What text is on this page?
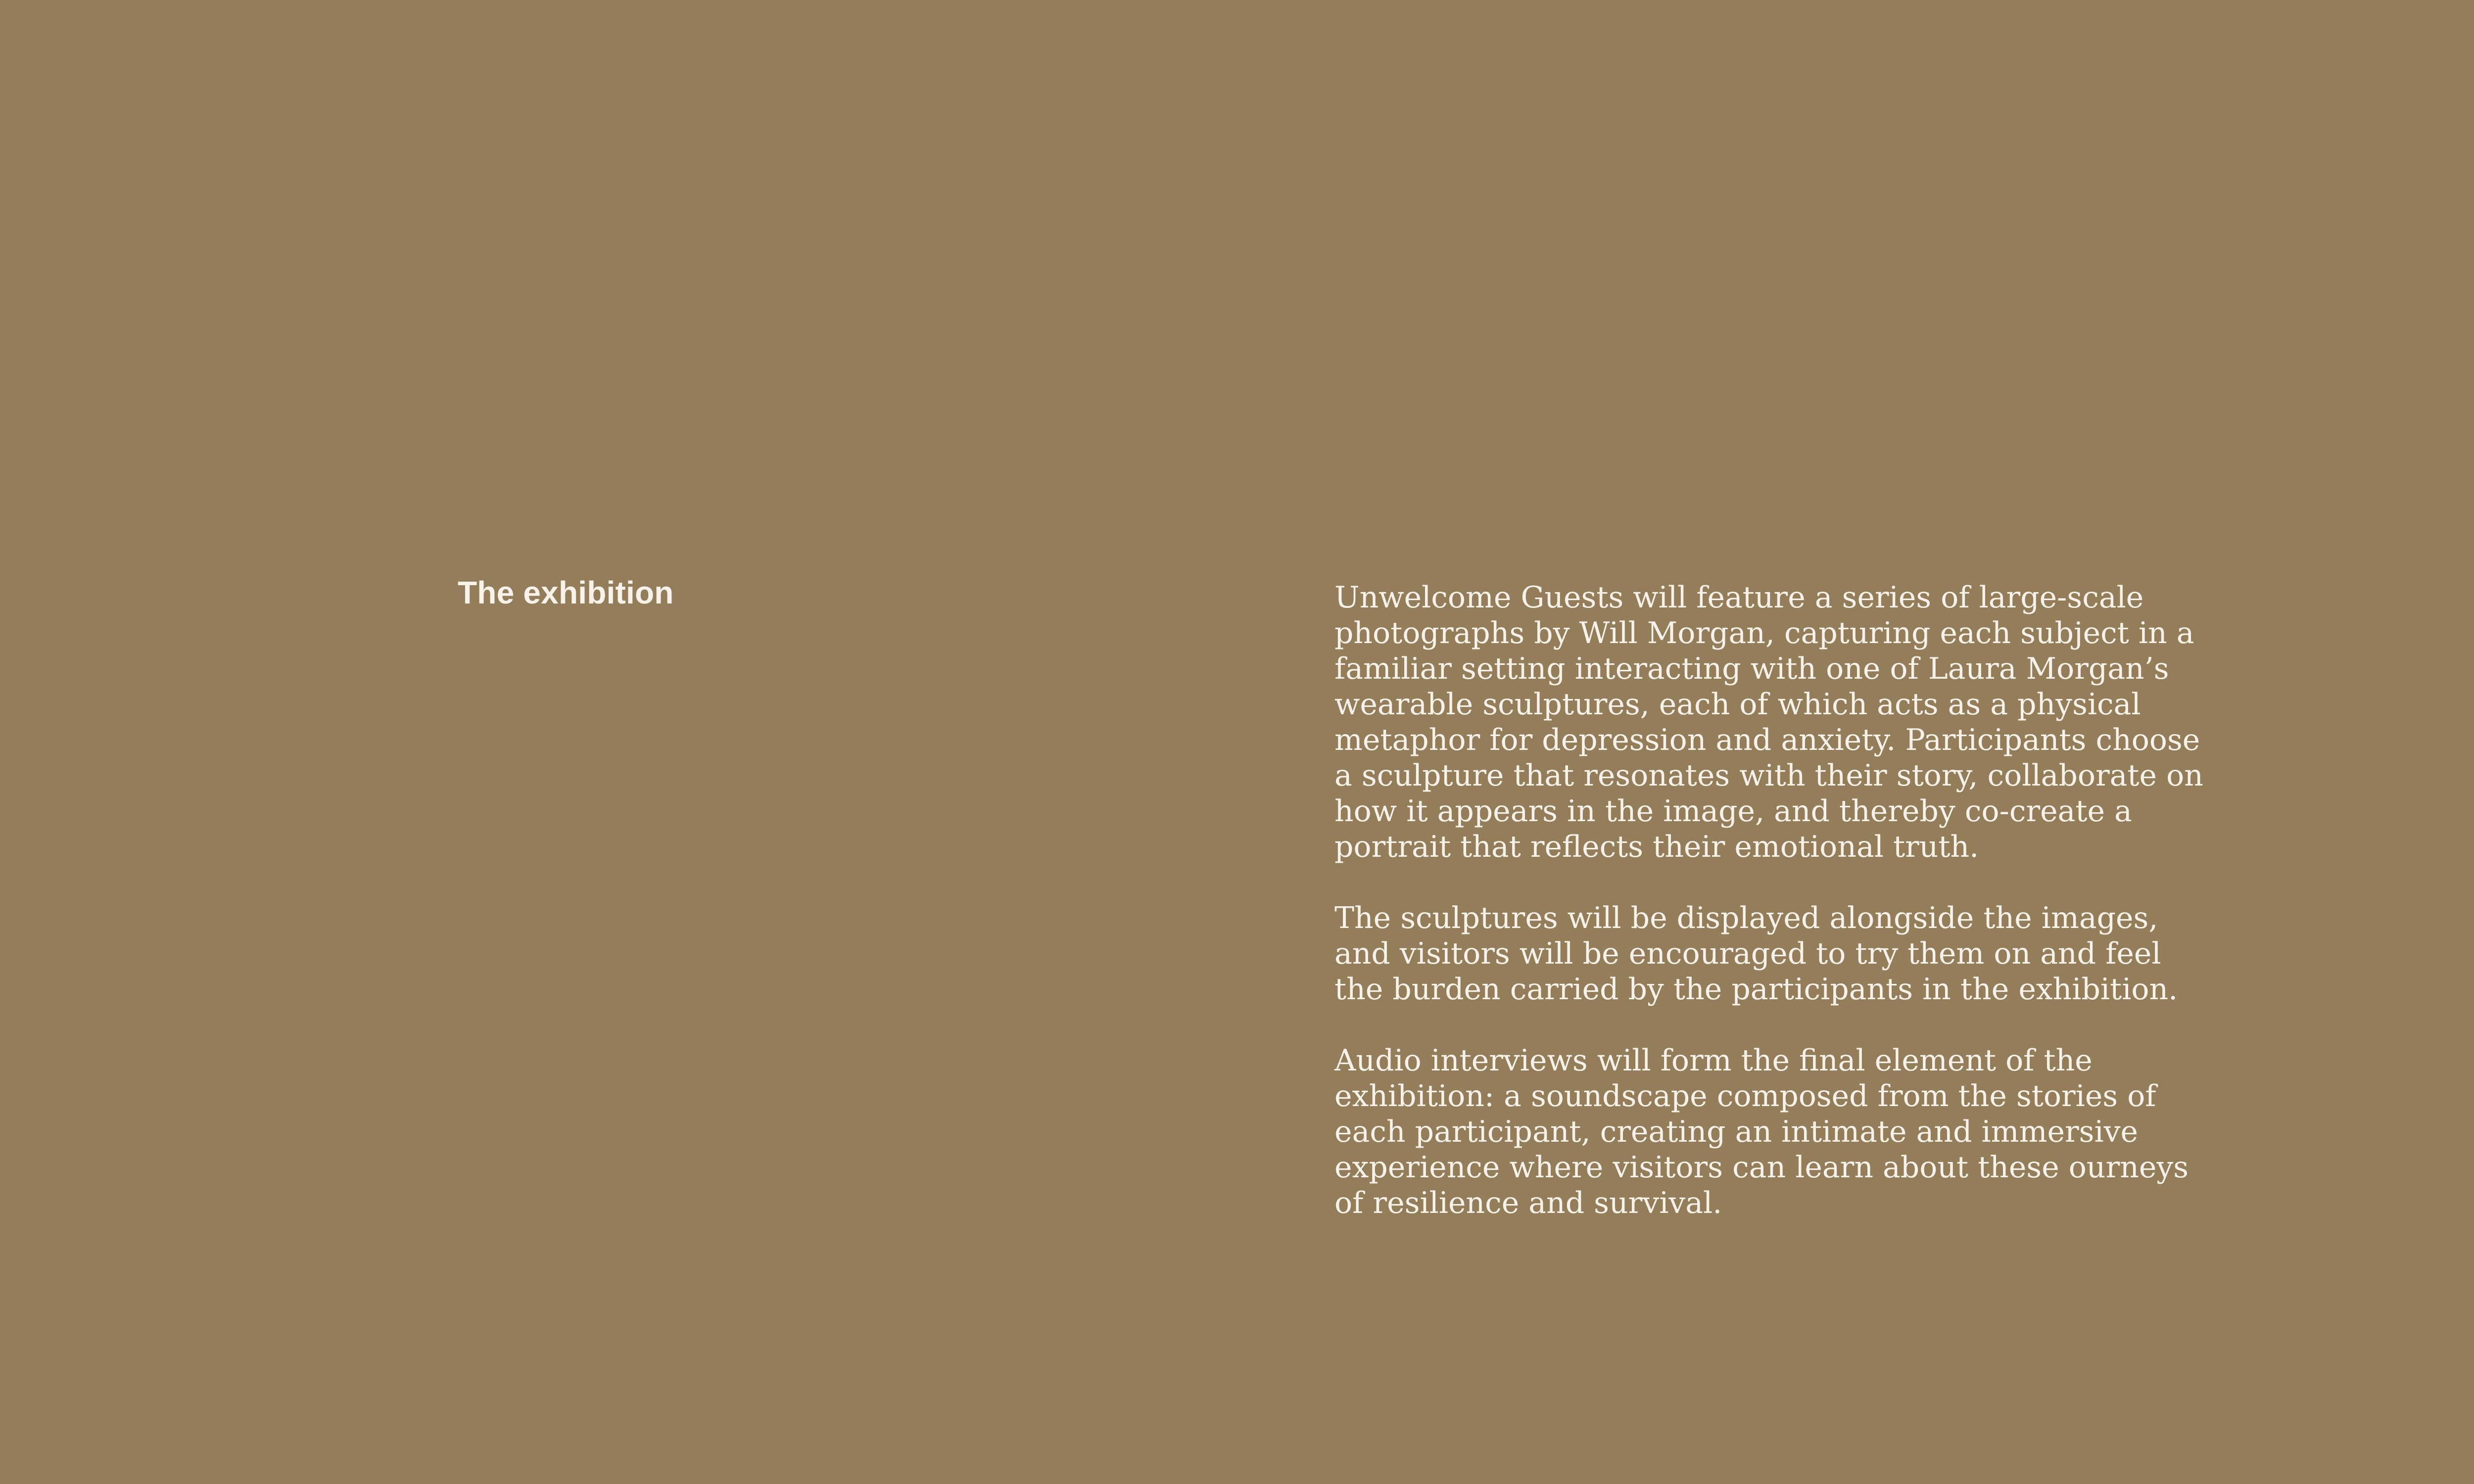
The exhibition	Unwelcome Guests will feature a series of large-scale photographs by Will Morgan, capturing each subject in a familiar setting interacting with one of Laura Morgan’s wearable sculptures, each of which acts as a physical metaphor for depression and anxiety. Participants choose a sculpture that resonates with their story, collaborate on how it appears in the image, and thereby co-create a portrait that reflects their emotional truth.

The sculptures will be displayed alongside the images, and visitors will be encouraged to try them on and feel the burden carried by the participants in the exhibition.

Audio interviews will form the final element of the exhibition: a soundscape composed from the stories of each participant, creating an intimate and immersive experience where visitors can learn about these ourneys of resilience and survival.
